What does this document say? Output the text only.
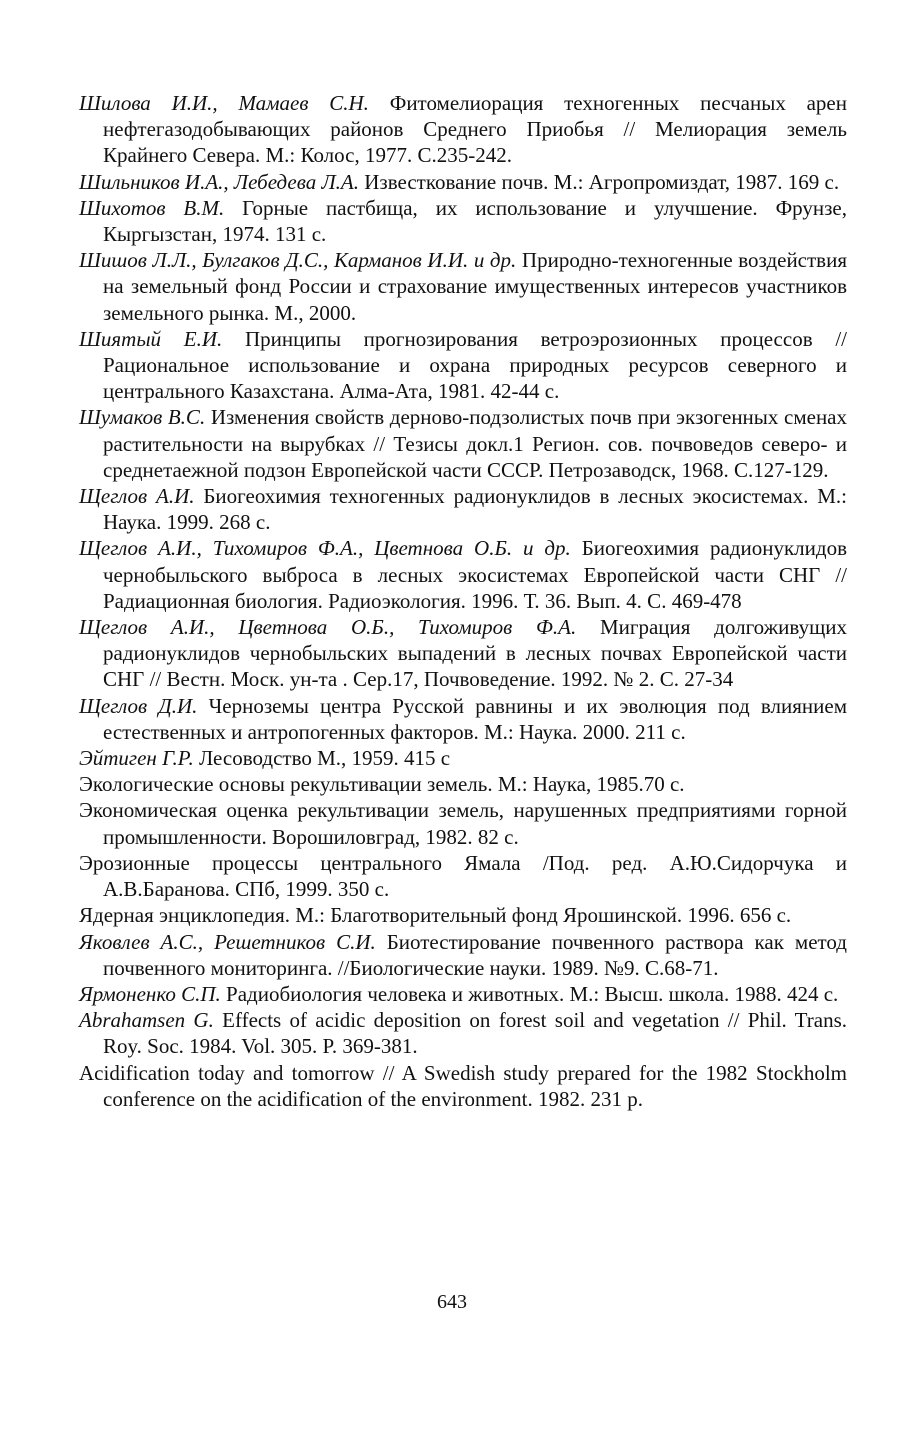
Шилова И.И., Мамаев С.Н. Фитомелиорация техногенных песчаных арен нефтегазодобывающих районов Среднего Приобья // Мелиорация земель Крайнего Севера. М.: Колос, 1977. С.235-242.

Шильников И.А., Лебедева Л.А. Известкование почв. М.: Агропромиздат, 1987. 169 с.

Шихотов В.М. Горные пастбища, их использование и улучшение. Фрунзе, Кыргызстан, 1974. 131 с.

Шишов Л.Л., Булгаков Д.С., Карманов И.И. и др. Природно-техногенные воздействия на земельный фонд России и страхование имущественных интересов участников земельного рынка. М., 2000.

Шиятый Е.И. Принципы прогнозирования ветроэрозионных процессов // Рациональное использование и охрана природных ресурсов северного и центрального Казахстана. Алма-Ата, 1981. 42-44 с.

Шумаков В.С. Изменения свойств дерново-подзолистых почв при экзогенных сменах растительности на вырубках // Тезисы докл.1 Регион. сов. почвоведов северо- и среднетаежной подзон Европейской части СССР. Петрозаводск, 1968. С.127-129.

Щеглов А.И. Биогеохимия техногенных радионуклидов в лесных экосистемах. М.: Наука. 1999. 268 с.

Щеглов А.И., Тихомиров Ф.А., Цветнова О.Б. и др. Биогеохимия радионуклидов чернобыльского выброса в лесных экосистемах Европейской части СНГ // Радиационная биология. Радиоэкология. 1996. Т. 36. Вып. 4. С. 469-478

Щеглов А.И., Цветнова О.Б., Тихомиров Ф.А. Миграция долгоживущих радионуклидов чернобыльских выпадений в лесных почвах Европейской части СНГ // Вестн. Моск. ун-та . Сер.17, Почвоведение. 1992. № 2. С. 27-34

Щеглов Д.И. Черноземы центра Русской равнины и их эволюция под влиянием естественных и антропогенных факторов. М.: Наука. 2000. 211 с.

Эйтиген Г.Р. Лесоводство М., 1959. 415 с

Экологические основы рекультивации земель. М.: Наука, 1985.70 с.

Экономическая оценка рекультивации земель, нарушенных предприятиями горной промышленности. Ворошиловград, 1982. 82 с.

Эрозионные процессы центрального Ямала /Под. ред. А.Ю.Сидорчука и А.В.Баранова. СПб, 1999. 350 с.

Ядерная энциклопедия. М.: Благотворительный фонд Ярошинской. 1996. 656 с.

Яковлев А.С., Решетников С.И. Биотестирование почвенного раствора как метод почвенного мониторинга. //Биологические науки. 1989. №9. С.68-71.

Ярмоненко С.П. Радиобиология человека и животных. М.: Высш. школа. 1988. 424 с.

Abrahamsen G. Effects of acidic deposition on forest soil and vegetation // Phil. Trans. Roy. Soc. 1984. Vol. 305. P. 369-381.

Acidification today and tomorrow // A Swedish study prepared for the 1982 Stockholm conference on the acidification of the environment. 1982. 231 p.

643
